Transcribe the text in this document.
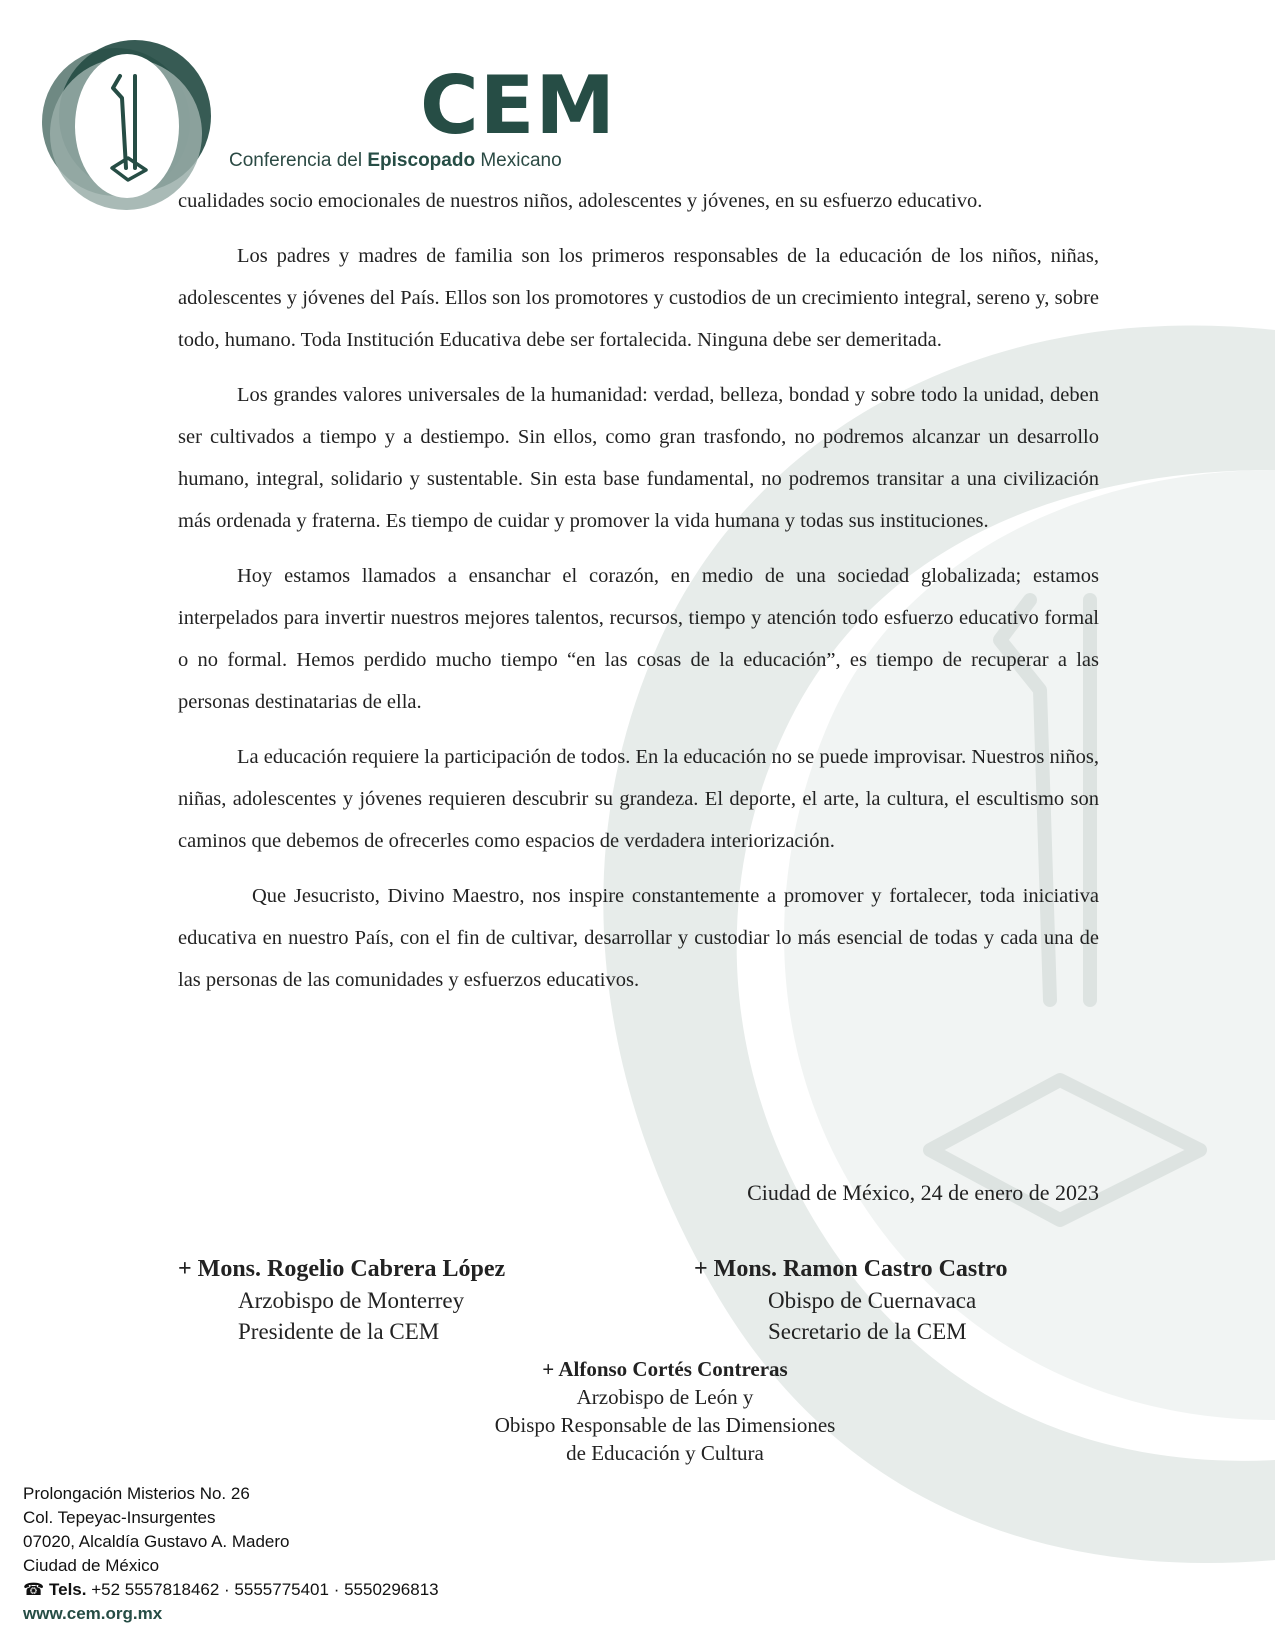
CEM
Conferencia del Episcopado Mexicano

cualidades socio emocionales de nuestros niños, adolescentes y jóvenes, en su esfuerzo educativo.

Los padres y madres de familia son los primeros responsables de la educación de los niños, niñas, adolescentes y jóvenes del País. Ellos son los promotores y custodios de un crecimiento integral, sereno y, sobre todo, humano. Toda Institución Educativa debe ser fortalecida. Ninguna debe ser demeritada.

Los grandes valores universales de la humanidad: verdad, belleza, bondad y sobre todo la unidad, deben ser cultivados a tiempo y a destiempo. Sin ellos, como gran trasfondo, no podremos alcanzar un desarrollo humano, integral, solidario y sustentable. Sin esta base fundamental, no podremos transitar a una civilización más ordenada y fraterna. Es tiempo de cuidar y promover la vida humana y todas sus instituciones.

Hoy estamos llamados a ensanchar el corazón, en medio de una sociedad globalizada; estamos interpelados para invertir nuestros mejores talentos, recursos, tiempo y atención todo esfuerzo educativo formal o no formal. Hemos perdido mucho tiempo “en las cosas de la educación”, es tiempo de recuperar a las personas destinatarias de ella.

La educación requiere la participación de todos. En la educación no se puede improvisar. Nuestros niños, niñas, adolescentes y jóvenes requieren descubrir su grandeza. El deporte, el arte, la cultura, el escultismo son caminos que debemos de ofrecerles como espacios de verdadera interiorización.

Que Jesucristo, Divino Maestro, nos inspire constantemente a promover y fortalecer, toda iniciativa educativa en nuestro País, con el fin de cultivar, desarrollar y custodiar lo más esencial de todas y cada una de las personas de las comunidades y esfuerzos educativos.

Ciudad de México, 24 de enero de 2023
+ Mons. Rogelio Cabrera López
Arzobispo de Monterrey
Presidente de la CEM
+ Mons. Ramon Castro Castro
Obispo de Cuernavaca
Secretario de la CEM
+ Alfonso Cortés Contreras
Arzobispo de León y
Obispo Responsable de las Dimensiones
de Educación y Cultura
Prolongación Misterios No. 26
Col. Tepeyac-Insurgentes
07020, Alcaldía Gustavo A. Madero
Ciudad de México
☎ Tels. +52 5557818462 · 5555775401 · 5550296813
www.cem.org.mx
